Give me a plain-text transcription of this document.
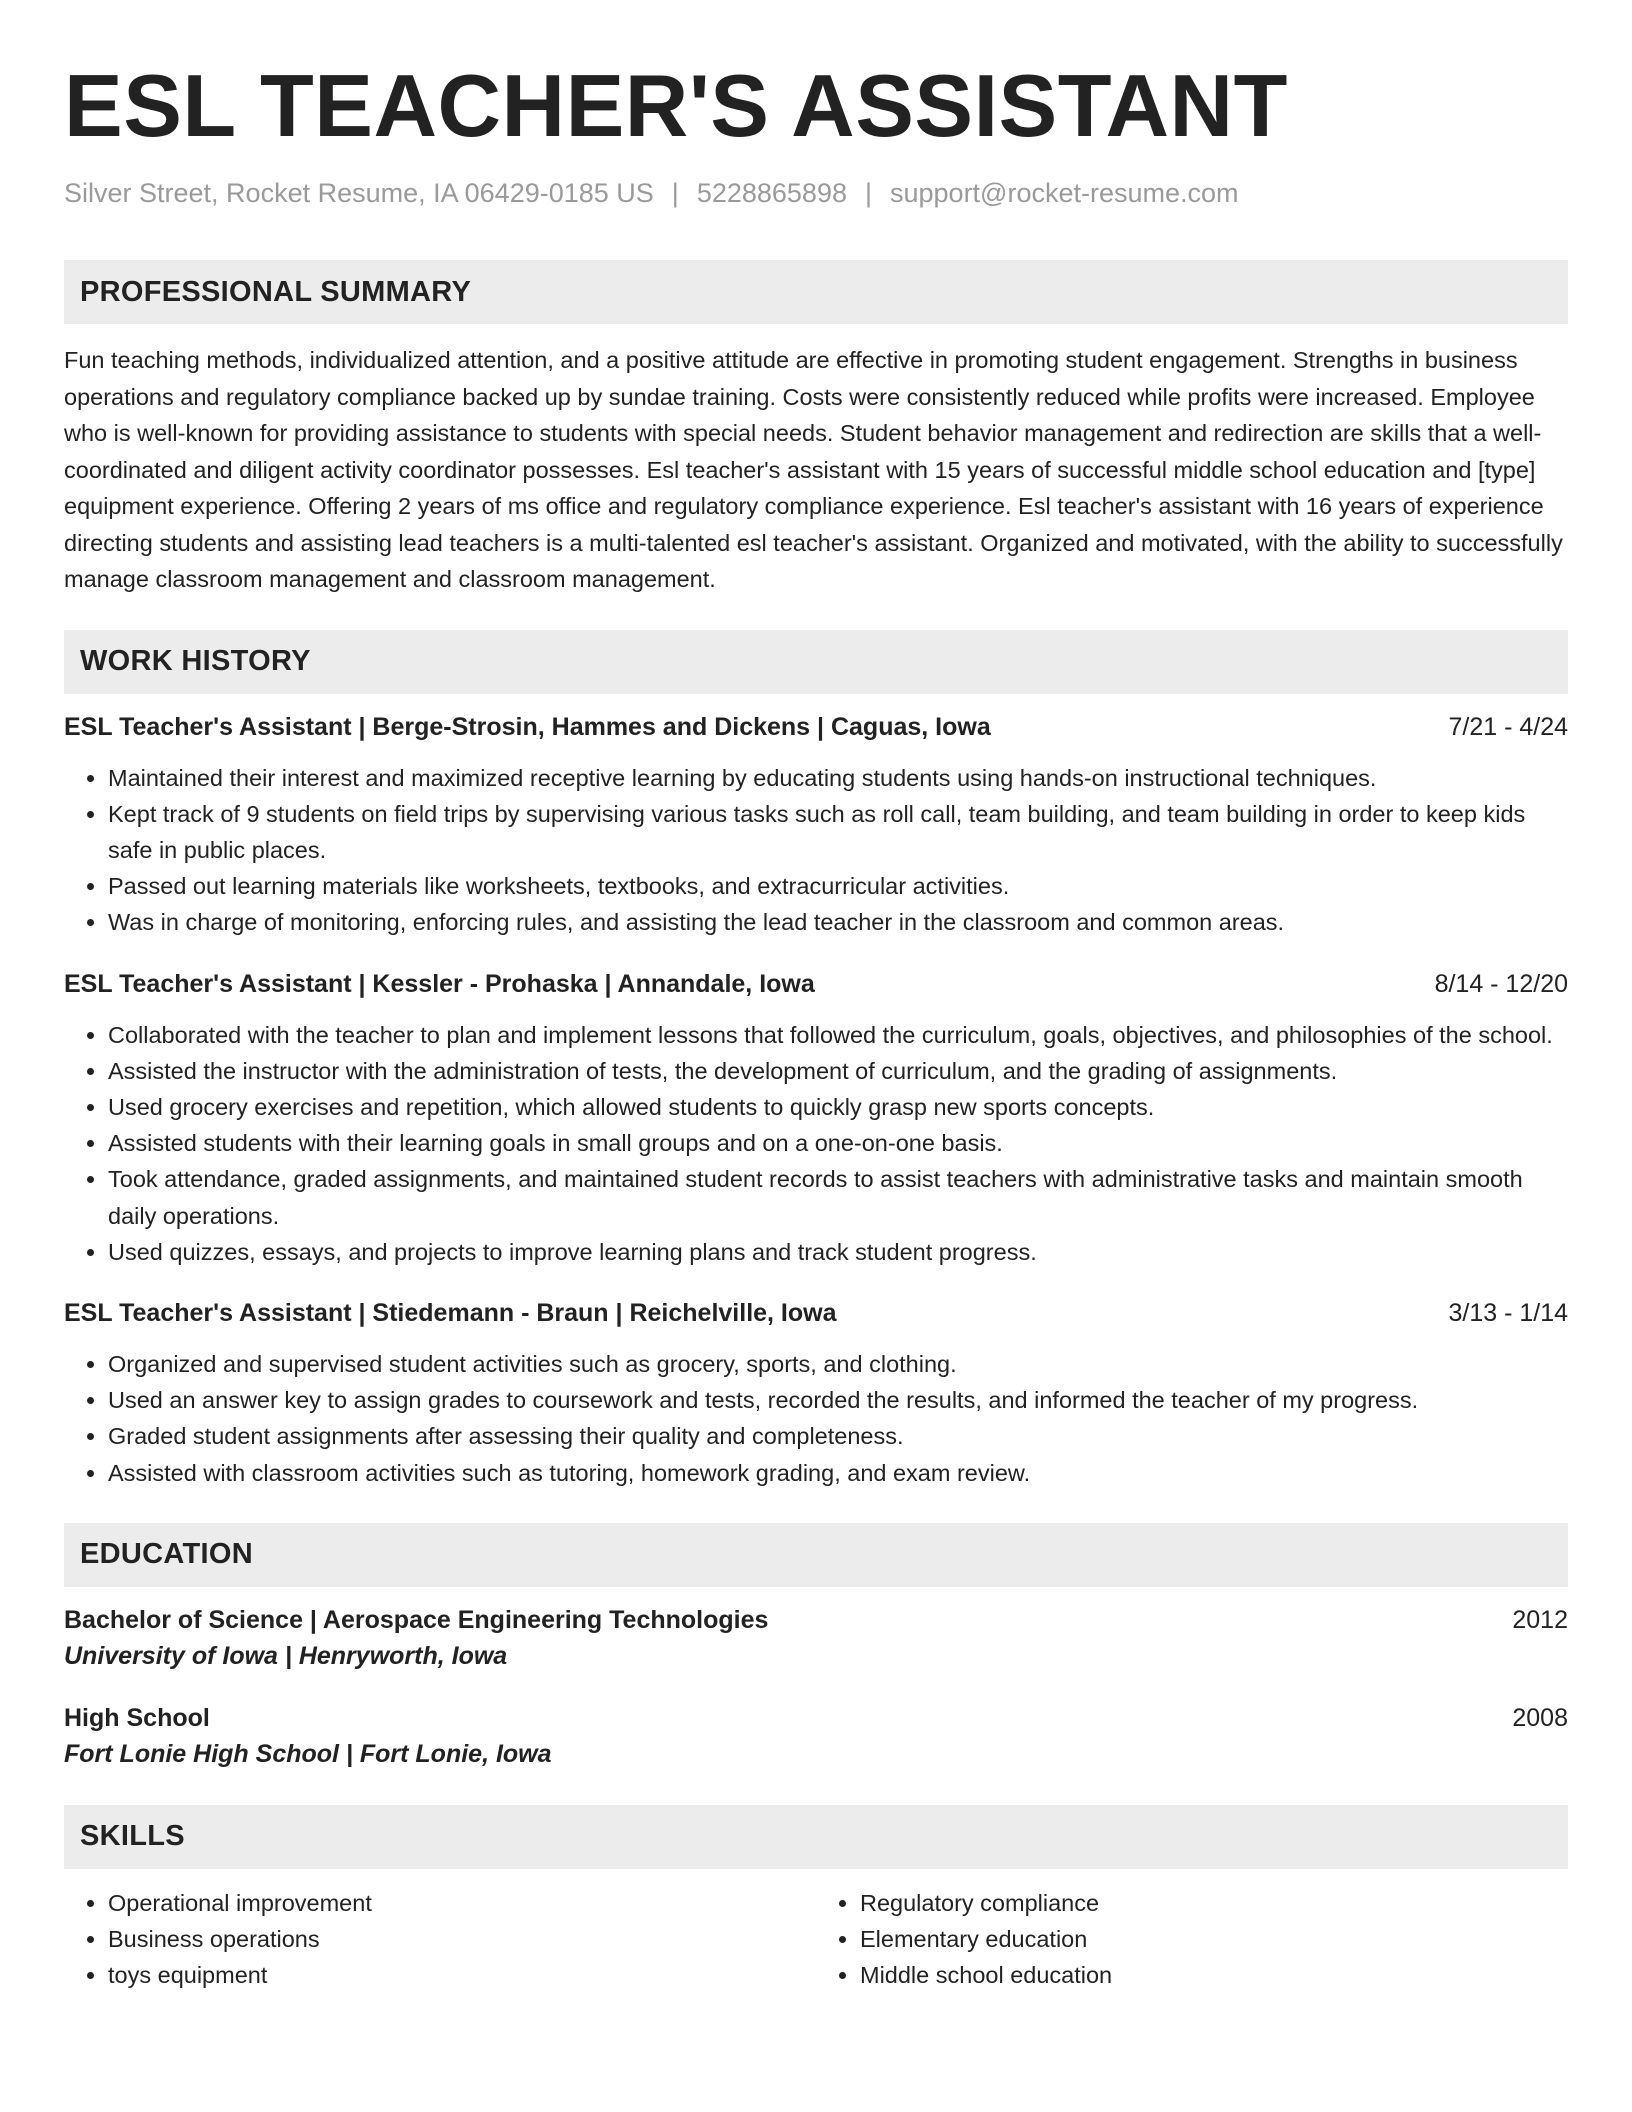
ESL TEACHER'S ASSISTANT
Silver Street, Rocket Resume, IA 06429-0185 US | 5228865898 | support@rocket-resume.com
PROFESSIONAL SUMMARY

Fun teaching methods, individualized attention, and a positive attitude are effective in promoting student engagement. Strengths in business operations and regulatory compliance backed up by sundae training. Costs were consistently reduced while profits were increased. Employee who is well-known for providing assistance to students with special needs. Student behavior management and redirection are skills that a well-coordinated and diligent activity coordinator possesses. Esl teacher's assistant with 15 years of successful middle school education and [type] equipment experience. Offering 2 years of ms office and regulatory compliance experience. Esl teacher's assistant with 16 years of experience directing students and assisting lead teachers is a multi-talented esl teacher's assistant. Organized and motivated, with the ability to successfully manage classroom management and classroom management.

WORK HISTORY
ESL Teacher's Assistant | Berge-Strosin, Hammes and Dickens | Caguas, Iowa	7/21 - 4/24
• Maintained their interest and maximized receptive learning by educating students using hands-on instructional techniques.
• Kept track of 9 students on field trips by supervising various tasks such as roll call, team building, and team building in order to keep kids safe in public places.
• Passed out learning materials like worksheets, textbooks, and extracurricular activities.
• Was in charge of monitoring, enforcing rules, and assisting the lead teacher in the classroom and common areas.
ESL Teacher's Assistant | Kessler - Prohaska | Annandale, Iowa	8/14 - 12/20
• Collaborated with the teacher to plan and implement lessons that followed the curriculum, goals, objectives, and philosophies of the school.
• Assisted the instructor with the administration of tests, the development of curriculum, and the grading of assignments.
• Used grocery exercises and repetition, which allowed students to quickly grasp new sports concepts.
• Assisted students with their learning goals in small groups and on a one-on-one basis.
• Took attendance, graded assignments, and maintained student records to assist teachers with administrative tasks and maintain smooth daily operations.
• Used quizzes, essays, and projects to improve learning plans and track student progress.
ESL Teacher's Assistant | Stiedemann - Braun | Reichelville, Iowa	3/13 - 1/14
• Organized and supervised student activities such as grocery, sports, and clothing.
• Used an answer key to assign grades to coursework and tests, recorded the results, and informed the teacher of my progress.
• Graded student assignments after assessing their quality and completeness.
• Assisted with classroom activities such as tutoring, homework grading, and exam review.
EDUCATION
Bachelor of Science | Aerospace Engineering Technologies	2012
University of Iowa | Henryworth, Iowa
High School	2008
Fort Lonie High School | Fort Lonie, Iowa
SKILLS
• Operational improvement
• Business operations
• toys equipment
• Regulatory compliance
• Elementary education
• Middle school education
